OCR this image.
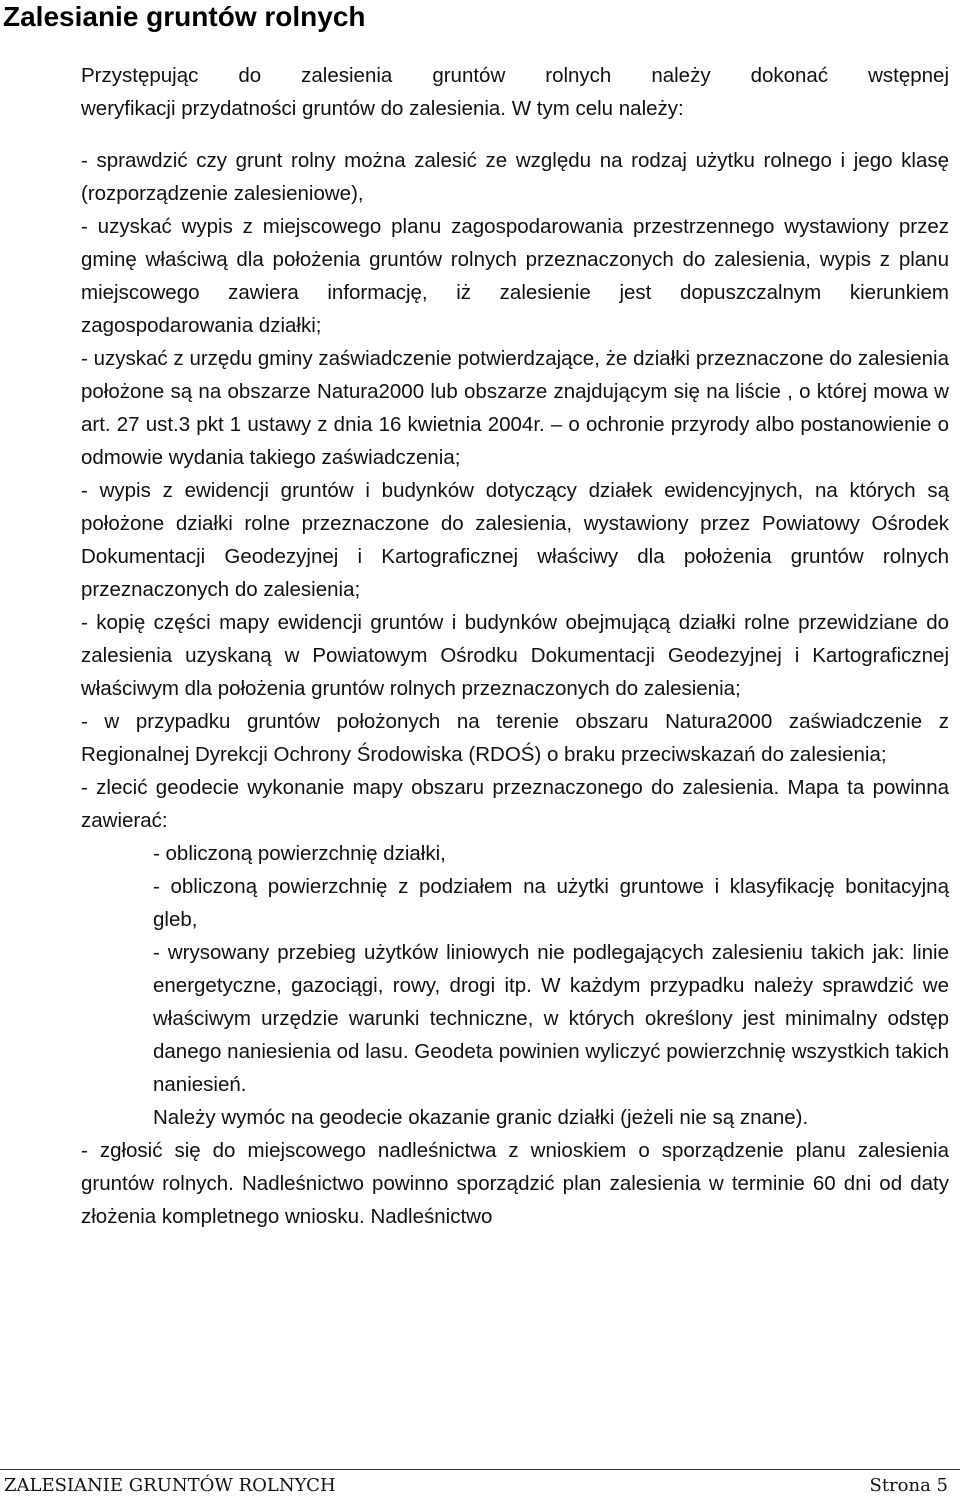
Zalesianie gruntów rolnych

Przystępując do zalesienia gruntów rolnych należy dokonać wstępnej

weryfikacji przydatności gruntów do zalesienia. W tym celu należy:

- sprawdzić czy grunt rolny można zalesić ze względu na rodzaj użytku rolnego i jego klasę (rozporządzenie zalesieniowe),

- uzyskać wypis z miejscowego planu zagospodarowania przestrzennego wystawiony przez gminę właściwą dla położenia gruntów rolnych przeznaczonych do zalesienia, wypis z planu miejscowego zawiera informację, iż zalesienie jest dopuszczalnym kierunkiem zagospodarowania działki;

- uzyskać z urzędu gminy zaświadczenie potwierdzające, że działki przeznaczone do zalesienia położone są na obszarze Natura2000 lub obszarze znajdującym się na liście , o której mowa w art. 27 ust.3 pkt 1 ustawy z dnia 16 kwietnia 2004r. – o ochronie przyrody albo postanowienie o odmowie wydania takiego zaświadczenia;

- wypis z ewidencji gruntów i budynków dotyczący działek ewidencyjnych, na których są położone działki rolne przeznaczone do zalesienia, wystawiony przez Powiatowy Ośrodek Dokumentacji Geodezyjnej i Kartograficznej właściwy dla położenia gruntów rolnych przeznaczonych do zalesienia;

- kopię części mapy ewidencji gruntów i budynków obejmującą działki rolne przewidziane do zalesienia uzyskaną w Powiatowym Ośrodku Dokumentacji Geodezyjnej i Kartograficznej właściwym dla położenia gruntów rolnych przeznaczonych do zalesienia;

- w przypadku gruntów położonych na terenie obszaru Natura2000 zaświadczenie z Regionalnej Dyrekcji Ochrony Środowiska (RDOŚ) o braku przeciwskazań do zalesienia;

- zlecić geodecie wykonanie mapy obszaru przeznaczonego do zalesienia. Mapa ta powinna zawierać:

- obliczoną powierzchnię działki,

- obliczoną powierzchnię z podziałem na użytki gruntowe i klasyfikację bonitacyjną gleb,

- wrysowany przebieg użytków liniowych nie podlegających zalesieniu takich jak: linie energetyczne, gazociągi, rowy, drogi itp. W każdym przypadku należy sprawdzić we właściwym urzędzie warunki techniczne, w których określony jest minimalny odstęp danego naniesienia od lasu. Geodeta powinien wyliczyć powierzchnię wszystkich takich naniesień.

Należy wymóc na geodecie okazanie granic działki (jeżeli nie są znane).

- zgłosić się do miejscowego nadleśnictwa z wnioskiem o sporządzenie planu zalesienia gruntów rolnych. Nadleśnictwo powinno sporządzić plan zalesienia w terminie 60 dni od daty złożenia kompletnego wniosku. Nadleśnictwo

ZALESIANIE GRUNTÓW ROLNYCH	Strona 5
